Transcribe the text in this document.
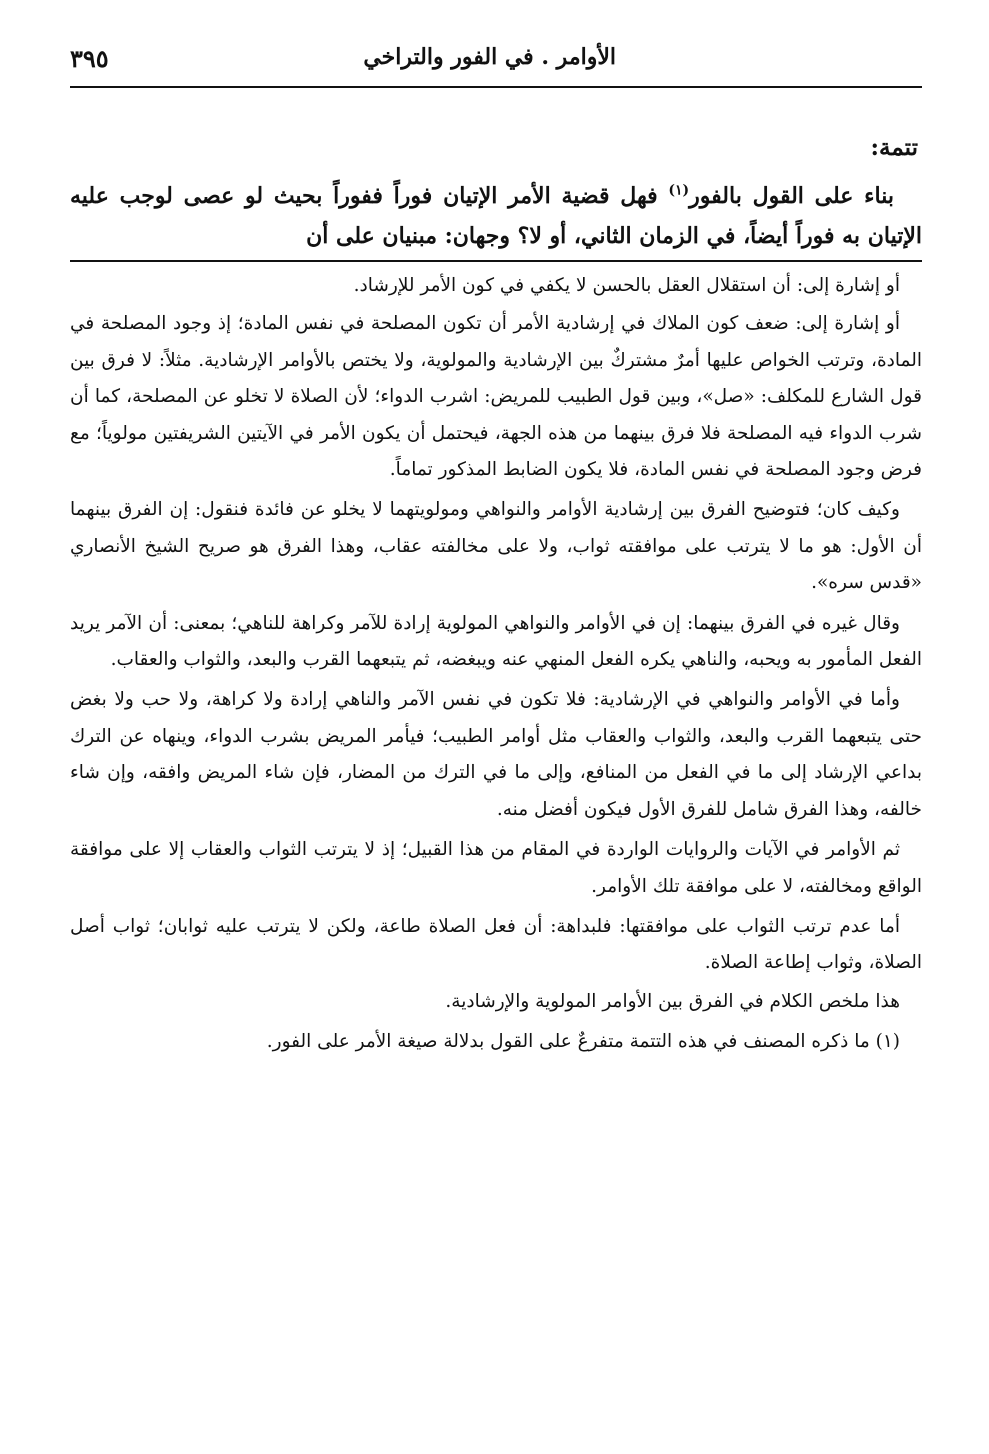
الأوامر . في الفور والتراخي
٣٩٥
تتمة:

بناء على القول بالفور$^{(١)}$ فهل قضية الأمر الإتيان فوراً ففوراً بحيث لو عصى لوجب عليه الإتيان به فوراً أيضاً، في الزمان الثاني، أو لا؟ وجهان: مبنيان على أن

أو إشارة إلى: أن استقلال العقل بالحسن لا يكفي في كون الأمر للإرشاد.

أو إشارة إلى: ضعف كون الملاك في إرشادية الأمر أن تكون المصلحة في نفس المادة؛ إذ وجود المصلحة في المادة، وترتب الخواص عليها أمرٌ مشتركٌ بين الإرشادية والمولوية، ولا يختص بالأوامر الإرشادية. مثلاً: لا فرق بين قول الشارع للمكلف: «صل»، وبين قول الطبيب للمريض: اشرب الدواء؛ لأن الصلاة لا تخلو عن المصلحة، كما أن شرب الدواء فيه المصلحة فلا فرق بينهما من هذه الجهة، فيحتمل أن يكون الأمر في الآيتين الشريفتين مولوياً؛ مع فرض وجود المصلحة في نفس المادة، فلا يكون الضابط المذكور تماماً.

وكيف كان؛ فتوضيح الفرق بين إرشادية الأوامر والنواهي ومولويتهما لا يخلو عن فائدة فنقول: إن الفرق بينهما أن الأول: هو ما لا يترتب على موافقته ثواب، ولا على مخالفته عقاب، وهذا الفرق هو صريح الشيخ الأنصاري «قدس سره».

وقال غيره في الفرق بينهما: إن في الأوامر والنواهي المولوية إرادة للآمر وكراهة للناهي؛ بمعنى: أن الآمر يريد الفعل المأمور به ويحبه، والناهي يكره الفعل المنهي عنه ويبغضه، ثم يتبعهما القرب والبعد، والثواب والعقاب.

وأما في الأوامر والنواهي في الإرشادية: فلا تكون في نفس الآمر والناهي إرادة ولا كراهة، ولا حب ولا بغض حتى يتبعهما القرب والبعد، والثواب والعقاب مثل أوامر الطبيب؛ فيأمر المريض بشرب الدواء، وينهاه عن الترك بداعي الإرشاد إلى ما في الفعل من المنافع، وإلى ما في الترك من المضار، فإن شاء المريض وافقه، وإن شاء خالفه، وهذا الفرق شامل للفرق الأول فيكون أفضل منه.

ثم الأوامر في الآيات والروايات الواردة في المقام من هذا القبيل؛ إذ لا يترتب الثواب والعقاب إلا على موافقة الواقع ومخالفته، لا على موافقة تلك الأوامر.

أما عدم ترتب الثواب على موافقتها: فلبداهة: أن فعل الصلاة طاعة، ولكن لا يترتب عليه ثوابان؛ ثواب أصل الصلاة، وثواب إطاعة الصلاة.

هذا ملخص الكلام في الفرق بين الأوامر المولوية والإرشادية.

(١) ما ذكره المصنف في هذه التتمة متفرعٌ على القول بدلالة صيغة الأمر على الفور.
